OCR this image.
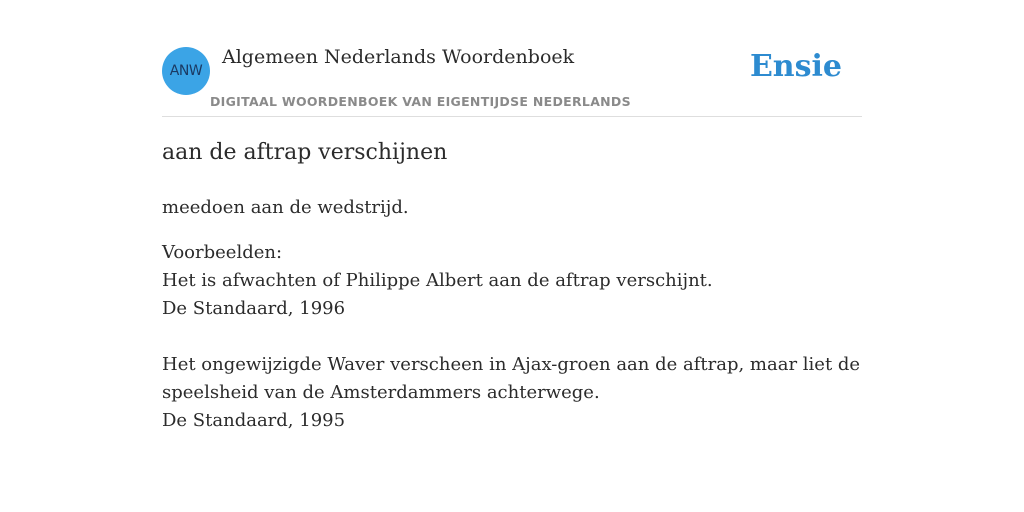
ANW
Algemeen Nederlands Woordenboek
DIGITAAL WOORDENBOEK VAN EIGENTIJDSE NEDERLANDS
Ensie
aan de aftrap verschijnen
meedoen aan de wedstrijd.
Voorbeelden:
Het is afwachten of Philippe Albert aan de aftrap verschijnt.
De Standaard, 1996
Het ongewijzigde Waver verscheen in Ajax-groen aan de aftrap, maar liet de speelsheid van de Amsterdammers achterwege.
De Standaard, 1995
